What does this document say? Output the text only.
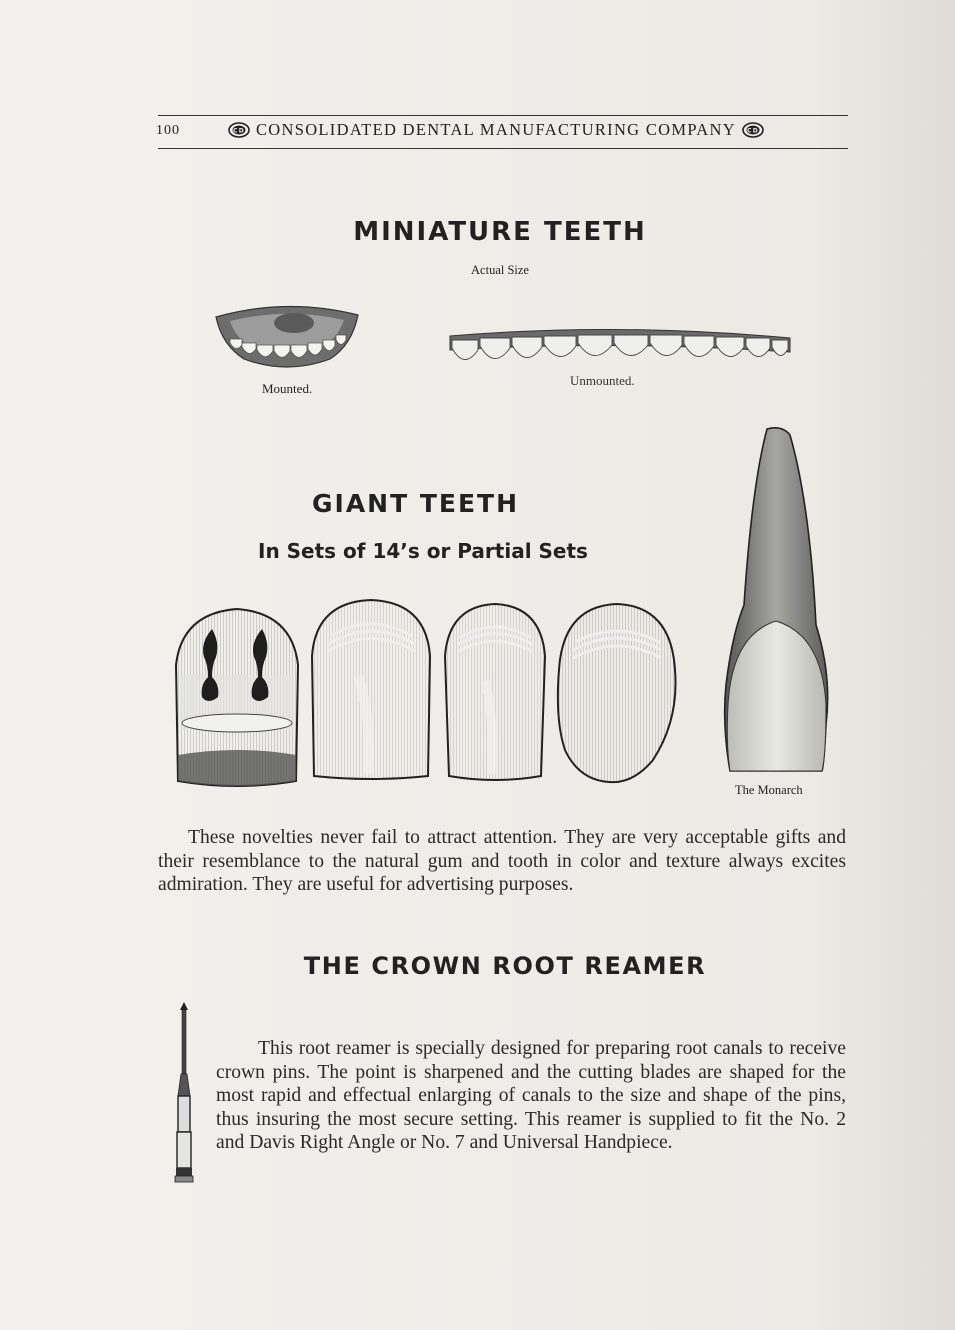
100	CD CONSOLIDATED DENTAL MANUFACTURING COMPANY CD
MINIATURE TEETH
Actual Size
Mounted.
Unmounted.
GIANT TEETH
In Sets of 14’s or Partial Sets
The Monarch
These novelties never fail to attract attention. They are very acceptable gifts and their resemblance to the natural gum and tooth in color and texture always excites admiration. They are useful for advertising purposes.
THE CROWN ROOT REAMER
This root reamer is specially designed for preparing root canals to receive crown pins. The point is sharpened and the cutting blades are shaped for the most rapid and effectual enlarging of canals to the size and shape of the pins, thus insuring the most secure setting. This reamer is supplied to fit the No. 2 and Davis Right Angle or No. 7 and Universal Handpiece.
